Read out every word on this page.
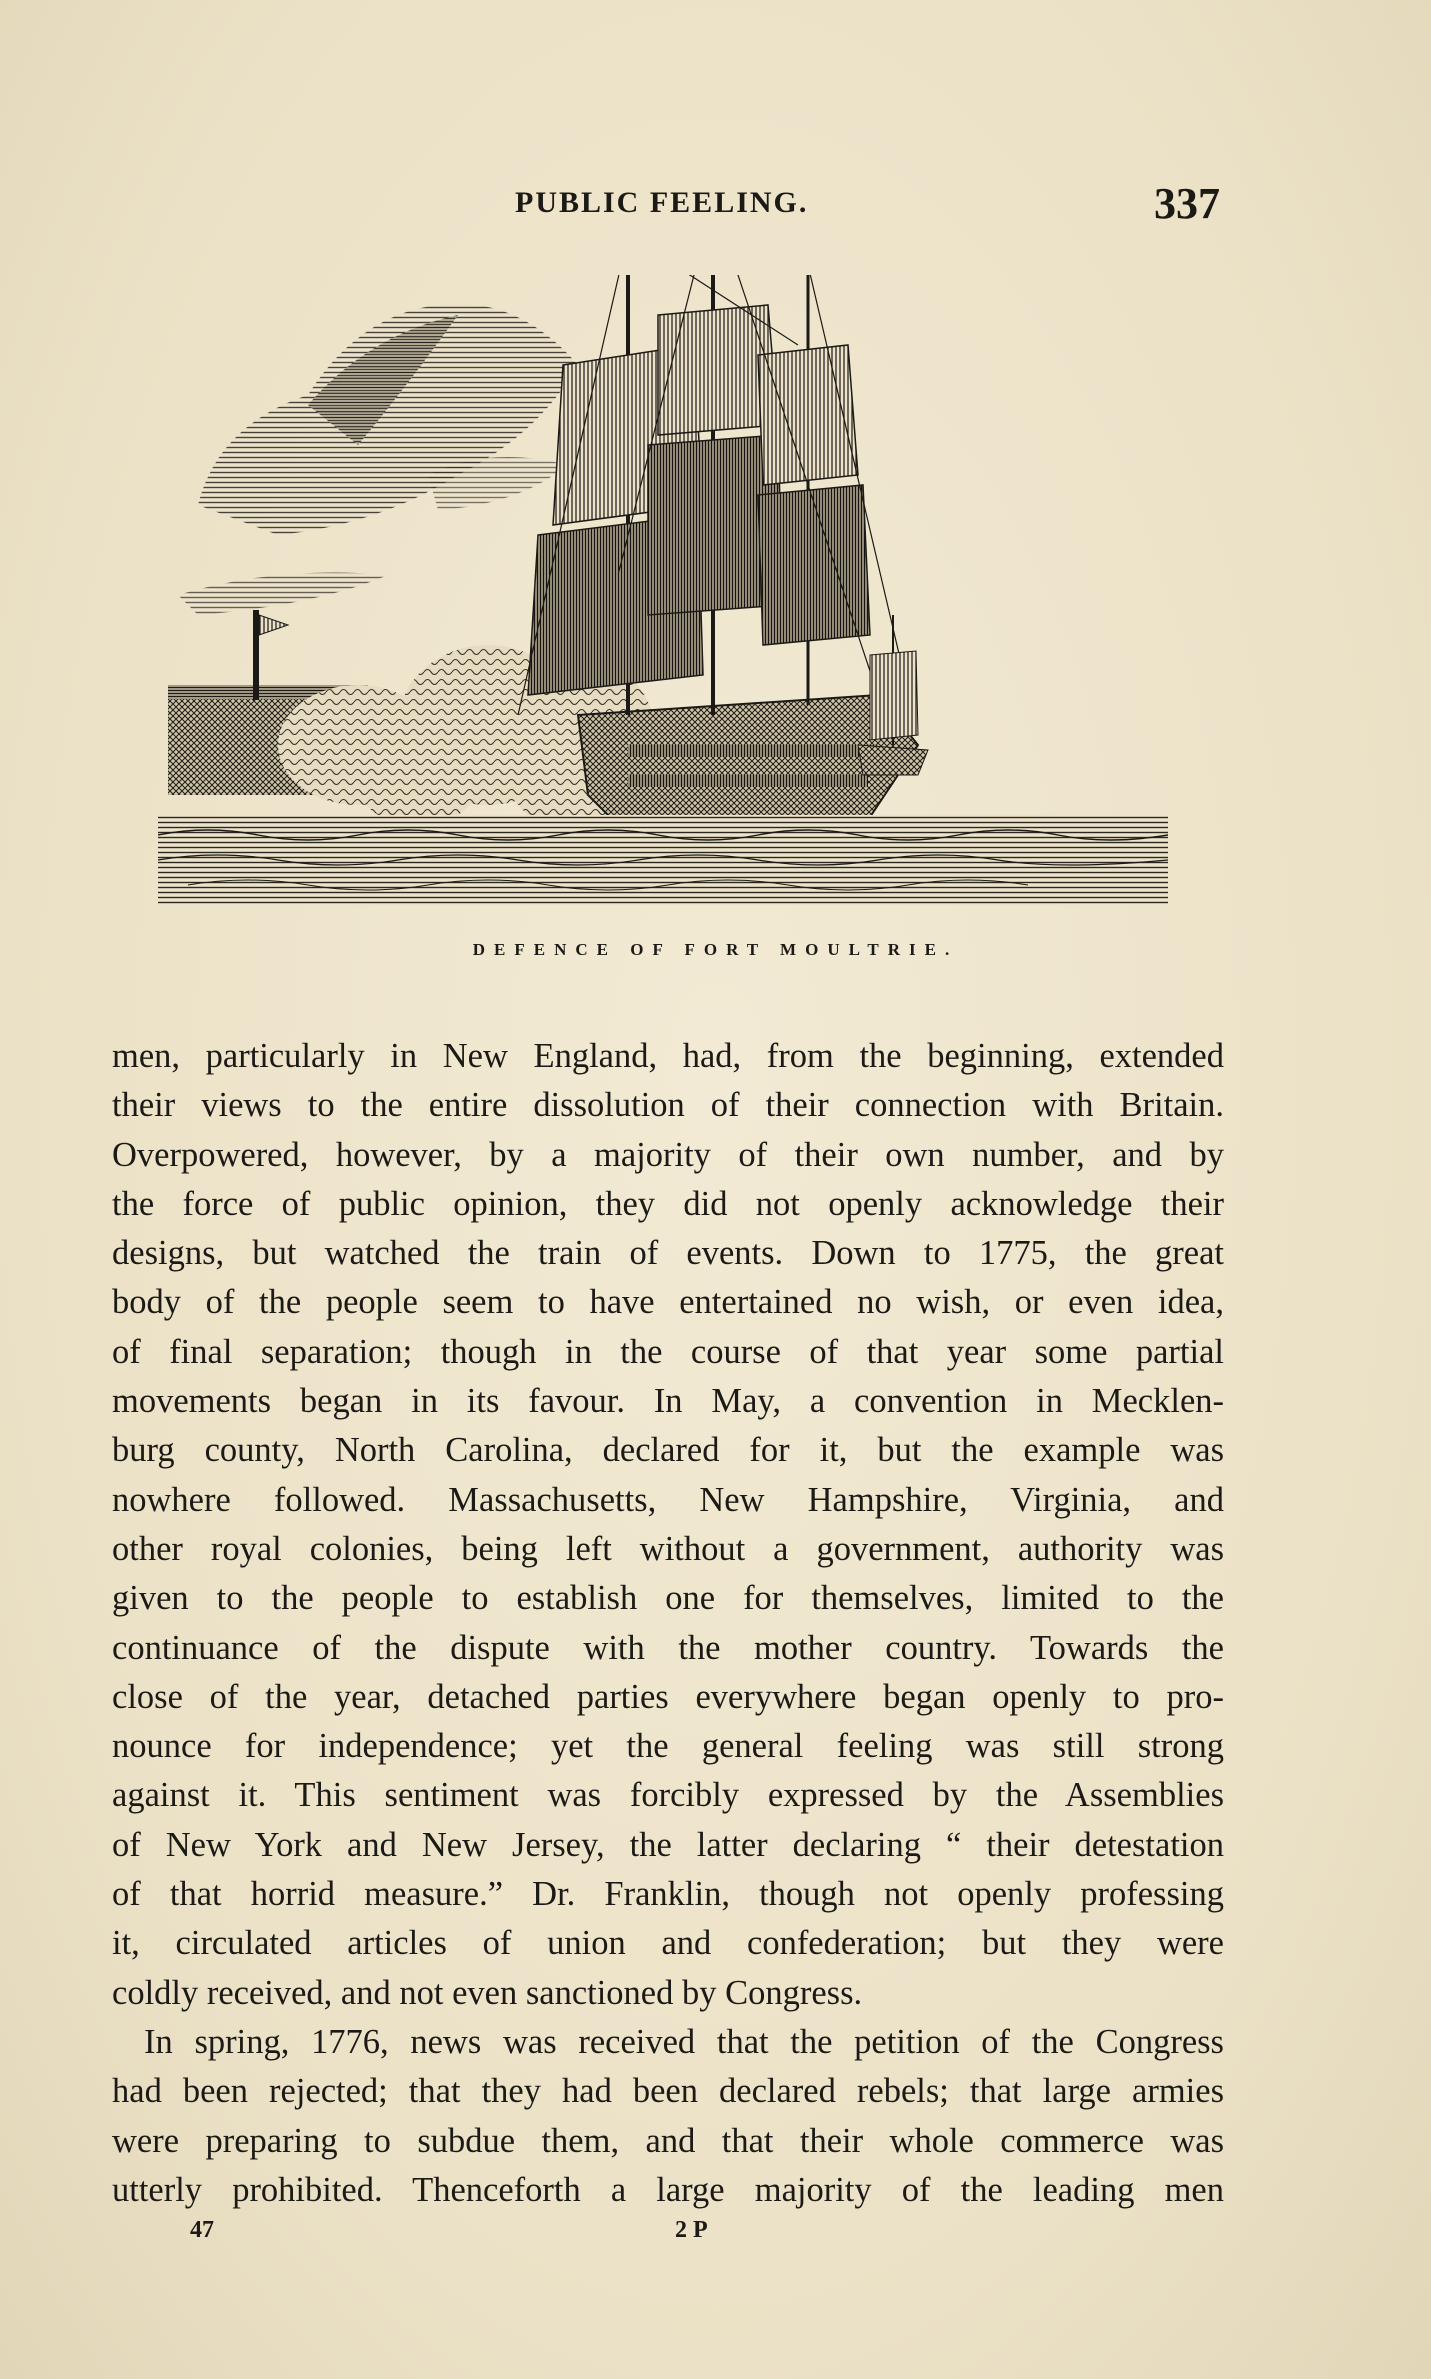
PUBLIC FEELING.	337
DEFENCE OF FORT MOULTRIE.
men, particularly in New England, had, from the beginning, extended
their views to the entire dissolution of their connection with Britain.
Overpowered, however, by a majority of their own number, and by
the force of public opinion, they did not openly acknowledge their
designs, but watched the train of events. Down to 1775, the great
body of the people seem to have entertained no wish, or even idea,
of final separation; though in the course of that year some partial
movements began in its favour. In May, a convention in Mecklen-
burg county, North Carolina, declared for it, but the example was
nowhere followed. Massachusetts, New Hampshire, Virginia, and
other royal colonies, being left without a government, authority was
given to the people to establish one for themselves, limited to the
continuance of the dispute with the mother country. Towards the
close of the year, detached parties everywhere began openly to pro-
nounce for independence; yet the general feeling was still strong
against it. This sentiment was forcibly expressed by the Assemblies
of New York and New Jersey, the latter declaring “ their detestation
of that horrid measure.” Dr. Franklin, though not openly professing
it, circulated articles of union and confederation; but they were
coldly received, and not even sanctioned by Congress.
In spring, 1776, news was received that the petition of the Congress
had been rejected; that they had been declared rebels; that large armies
were preparing to subdue them, and that their whole commerce was
utterly prohibited. Thenceforth a large majority of the leading men
47	2 P
